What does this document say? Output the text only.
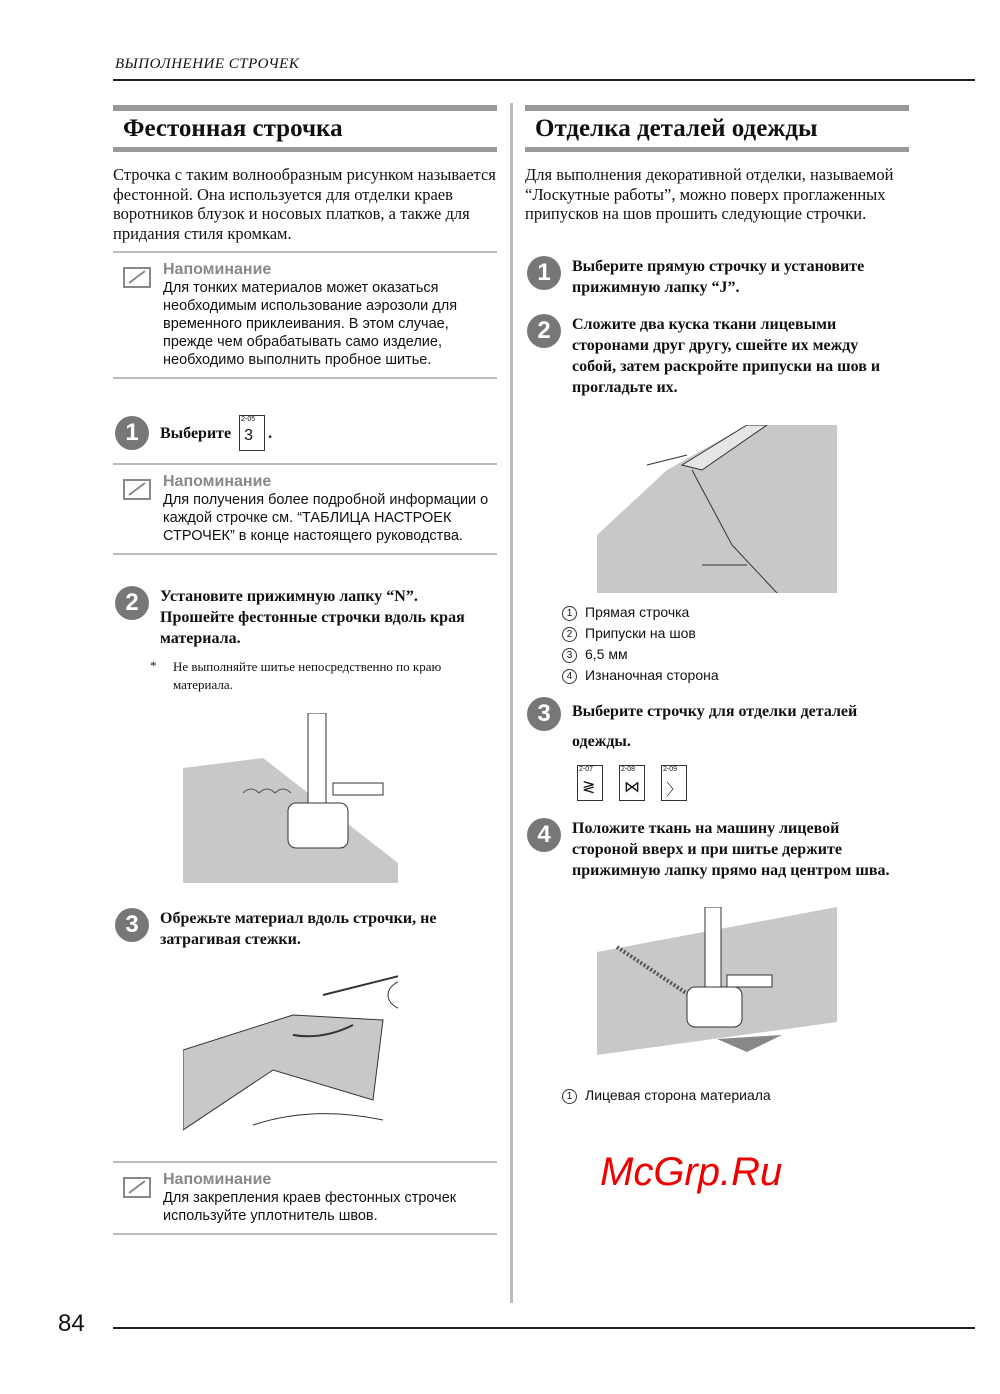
ВЫПОЛНЕНИЕ СТРОЧЕК
Фестонная строчка
Строчка с таким волнообразным рисунком называется фестонной. Она используется для отделки краев воротников блузок и носовых платков, а также для придания стиля кромкам.
Напоминание
Для тонких материалов может оказаться необходимым использование аэрозоли для временного приклеивания. В этом случае, прежде чем обрабатывать само изделие, необходимо выполнить пробное шитье.
1	Выберите
2-05
3 .
Напоминание
Для получения более подробной информации о каждой строчке см. “ТАБЛИЦА НАСТРОЕК СТРОЧЕК” в конце настоящего руководства.
2	Установите прижимную лапку “N”. Прошейте фестонные строчки вдоль края материала.
* Не выполняйте шитье непосредственно по краю материала.
3	Обрежьте материал вдоль строчки, не затрагивая стежки.
Напоминание
Для закрепления краев фестонных строчек используйте уплотнитель швов.
Отделка деталей одежды
Для выполнения декоративной отделки, называемой “Лоскутные работы”, можно поверх проглаженных припусков на шов прошить следующие строчки.
1	Выберите прямую строчку и установите прижимную лапку “J”.
2	Сложите два куска ткани лицевыми сторонами друг другу, сшейте их между собой, затем раскройте припуски на шов и прогладьте их.
1 Прямая строчка
2 Припуски на шов
3 6,5 мм
4 Изнаночная сторона
3	Выберите строчку для отделки деталей одежды.
2-07
≷

2-08
⋈

2-09
〉
4	Положите ткань на машину лицевой стороной вверх и при шитье держите прижимную лапку прямо над центром шва.
1 Лицевая сторона материала
McGrp.Ru
84
